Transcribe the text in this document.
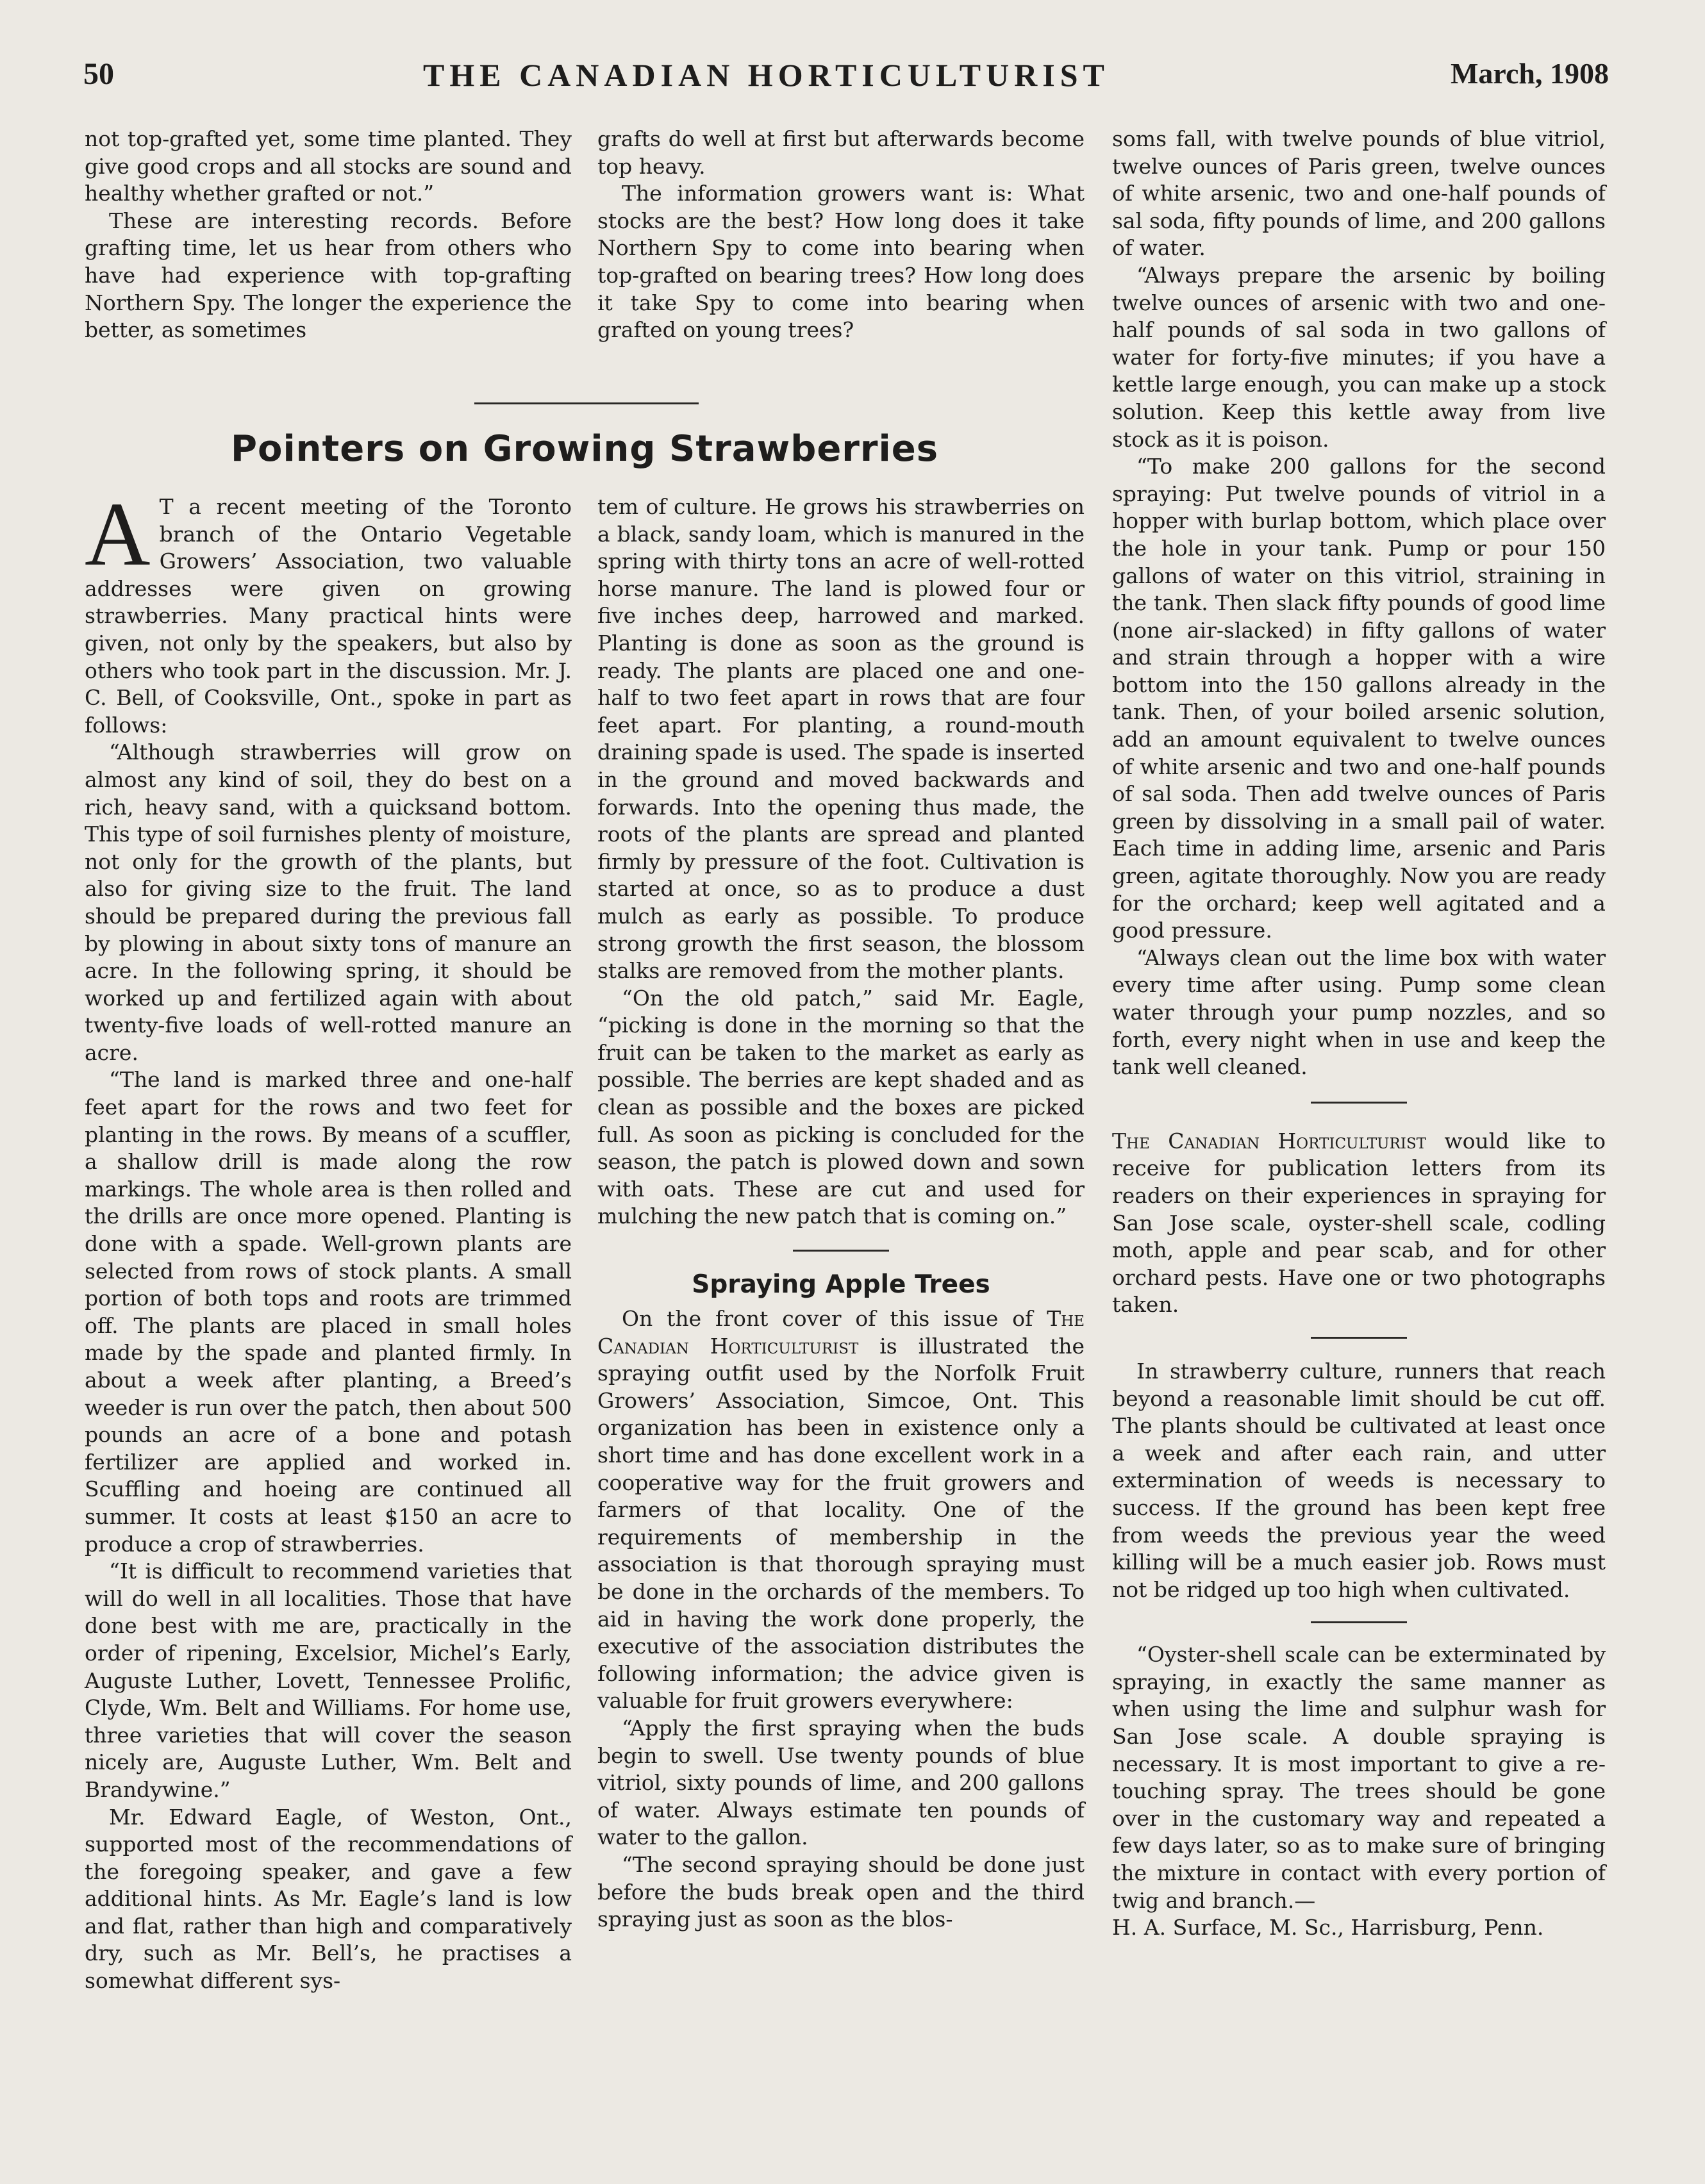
50	THE CANADIAN HORTICULTURIST	March, 1908

not top-grafted yet, some time planted. They give good crops and all stocks are sound and healthy whether grafted or not.”

These are interesting records. Before grafting time, let us hear from others who have had experience with top-grafting Northern Spy. The longer the experience the better, as sometimes

grafts do well at first but afterwards become top heavy.

The information growers want is: What stocks are the best? How long does it take Northern Spy to come into bearing when top-grafted on bearing trees? How long does it take Spy to come into bearing when grafted on young trees?

Pointers on Growing Strawberries

A T a recent meeting of the Toronto branch of the Ontario Vegetable Growers’ Association, two valuable addresses were given on growing strawberries. Many practical hints were given, not only by the speakers, but also by others who took part in the discussion. Mr. J. C. Bell, of Cooksville, Ont., spoke in part as follows:

“Although strawberries will grow on almost any kind of soil, they do best on a rich, heavy sand, with a quicksand bottom. This type of soil furnishes plenty of moisture, not only for the growth of the plants, but also for giving size to the fruit. The land should be prepared during the previous fall by plowing in about sixty tons of manure an acre. In the following spring, it should be worked up and fertilized again with about twenty-five loads of well-rotted manure an acre.

“The land is marked three and one-half feet apart for the rows and two feet for planting in the rows. By means of a scuffler, a shallow drill is made along the row markings. The whole area is then rolled and the drills are once more opened. Planting is done with a spade. Well-grown plants are selected from rows of stock plants. A small portion of both tops and roots are trimmed off. The plants are placed in small holes made by the spade and planted firmly. In about a week after planting, a Breed’s weeder is run over the patch, then about 500 pounds an acre of a bone and potash fertilizer are applied and worked in. Scuffling and hoeing are continued all summer. It costs at least $150 an acre to produce a crop of strawberries.

“It is difficult to recommend varieties that will do well in all localities. Those that have done best with me are, practically in the order of ripening, Excelsior, Michel’s Early, Auguste Luther, Lovett, Tennessee Prolific, Clyde, Wm. Belt and Williams. For home use, three varieties that will cover the season nicely are, Auguste Luther, Wm. Belt and Brandywine.”

Mr. Edward Eagle, of Weston, Ont., supported most of the recommendations of the foregoing speaker, and gave a few additional hints. As Mr. Eagle’s land is low and flat, rather than high and comparatively dry, such as Mr. Bell’s, he practises a somewhat different sys-

tem of culture. He grows his strawberries on a black, sandy loam, which is manured in the spring with thirty tons an acre of well-rotted horse manure. The land is plowed four or five inches deep, harrowed and marked. Planting is done as soon as the ground is ready. The plants are placed one and one-half to two feet apart in rows that are four feet apart. For planting, a round-mouth draining spade is used. The spade is inserted in the ground and moved backwards and forwards. Into the opening thus made, the roots of the plants are spread and planted firmly by pressure of the foot. Cultivation is started at once, so as to produce a dust mulch as early as possible. To produce strong growth the first season, the blossom stalks are removed from the mother plants.

“On the old patch,” said Mr. Eagle, “picking is done in the morning so that the fruit can be taken to the market as early as possible. The berries are kept shaded and as clean as possible and the boxes are picked full. As soon as picking is concluded for the season, the patch is plowed down and sown with oats. These are cut and used for mulching the new patch that is coming on.”

Spraying Apple Trees

On the front cover of this issue of The Canadian Horticulturist is illustrated the spraying outfit used by the Norfolk Fruit Growers’ Association, Simcoe, Ont. This organization has been in existence only a short time and has done excellent work in a cooperative way for the fruit growers and farmers of that locality. One of the requirements of membership in the association is that thorough spraying must be done in the orchards of the members. To aid in having the work done properly, the executive of the association distributes the following information; the advice given is valuable for fruit growers everywhere:

“Apply the first spraying when the buds begin to swell. Use twenty pounds of blue vitriol, sixty pounds of lime, and 200 gallons of water. Always estimate ten pounds of water to the gallon.

“The second spraying should be done just before the buds break open and the third spraying just as soon as the blos-

soms fall, with twelve pounds of blue vitriol, twelve ounces of Paris green, twelve ounces of white arsenic, two and one-half pounds of sal soda, fifty pounds of lime, and 200 gallons of water.

“Always prepare the arsenic by boiling twelve ounces of arsenic with two and one-half pounds of sal soda in two gallons of water for forty-five minutes; if you have a kettle large enough, you can make up a stock solution. Keep this kettle away from live stock as it is poison.

“To make 200 gallons for the second spraying: Put twelve pounds of vitriol in a hopper with burlap bottom, which place over the hole in your tank. Pump or pour 150 gallons of water on this vitriol, straining in the tank. Then slack fifty pounds of good lime (none air-slacked) in fifty gallons of water and strain through a hopper with a wire bottom into the 150 gallons already in the tank. Then, of your boiled arsenic solution, add an amount equivalent to twelve ounces of white arsenic and two and one-half pounds of sal soda. Then add twelve ounces of Paris green by dissolving in a small pail of water. Each time in adding lime, arsenic and Paris green, agitate thoroughly. Now you are ready for the orchard; keep well agitated and a good pressure.

“Always clean out the lime box with water every time after using. Pump some clean water through your pump nozzles, and so forth, every night when in use and keep the tank well cleaned.

The Canadian Horticulturist would like to receive for publication letters from its readers on their experiences in spraying for San Jose scale, oyster-shell scale, codling moth, apple and pear scab, and for other orchard pests. Have one or two photographs taken.

In strawberry culture, runners that reach beyond a reasonable limit should be cut off. The plants should be cultivated at least once a week and after each rain, and utter extermination of weeds is necessary to success. If the ground has been kept free from weeds the previous year the weed killing will be a much easier job. Rows must not be ridged up too high when cultivated.

“Oyster-shell scale can be exterminated by spraying, in exactly the same manner as when using the lime and sulphur wash for San Jose scale. A double spraying is necessary. It is most important to give a re-touching spray. The trees should be gone over in the customary way and repeated a few days later, so as to make sure of bringing the mixture in contact with every portion of twig and branch.—

H. A. Surface, M. Sc., Harrisburg, Penn.
